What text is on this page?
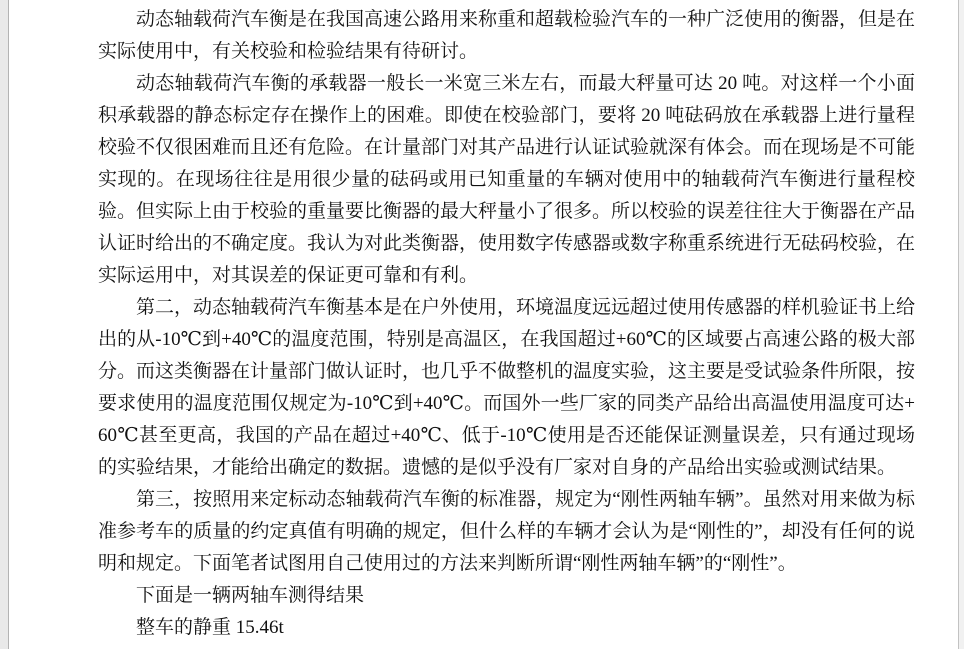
动态轴载荷汽车衡是在我国高速公路用来称重和超载检验汽车的一种广泛使用的衡器，但是在实际使用中，有关校验和检验结果有待研讨。

动态轴载荷汽车衡的承载器一般长一米宽三米左右，而最大秤量可达 20 吨。对这样一个小面积承载器的静态标定存在操作上的困难。即使在校验部门，要将 20 吨砝码放在承载器上进行量程校验不仅很困难而且还有危险。在计量部门对其产品进行认证试验就深有体会。而在现场是不可能实现的。在现场往往是用很少量的砝码或用已知重量的车辆对使用中的轴载荷汽车衡进行量程校验。但实际上由于校验的重量要比衡器的最大秤量小了很多。所以校验的误差往往大于衡器在产品认证时给出的不确定度。我认为对此类衡器，使用数字传感器或数字称重系统进行无砝码校验，在实际运用中，对其误差的保证更可靠和有利。

第二，动态轴载荷汽车衡基本是在户外使用，环境温度远远超过使用传感器的样机验证书上给出的从-10℃到+40℃的温度范围，特别是高温区，在我国超过+60℃的区域要占高速公路的极大部分。而这类衡器在计量部门做认证时，也几乎不做整机的温度实验，这主要是受试验条件所限，按要求使用的温度范围仅规定为-10℃到+40℃。而国外一些厂家的同类产品给出高温使用温度可达+60℃甚至更高，我国的产品在超过+40℃、低于-10℃使用是否还能保证测量误差，只有通过现场的实验结果，才能给出确定的数据。遗憾的是似乎没有厂家对自身的产品给出实验或测试结果。

第三，按照用来定标动态轴载荷汽车衡的标准器，规定为“刚性两轴车辆”。虽然对用来做为标准参考车的质量的约定真值有明确的规定，但什么样的车辆才会认为是“刚性的”，却没有任何的说明和规定。下面笔者试图用自己使用过的方法来判断所谓“刚性两轴车辆”的“刚性”。

下面是一辆两轴车测得结果

整车的静重 15.46t
